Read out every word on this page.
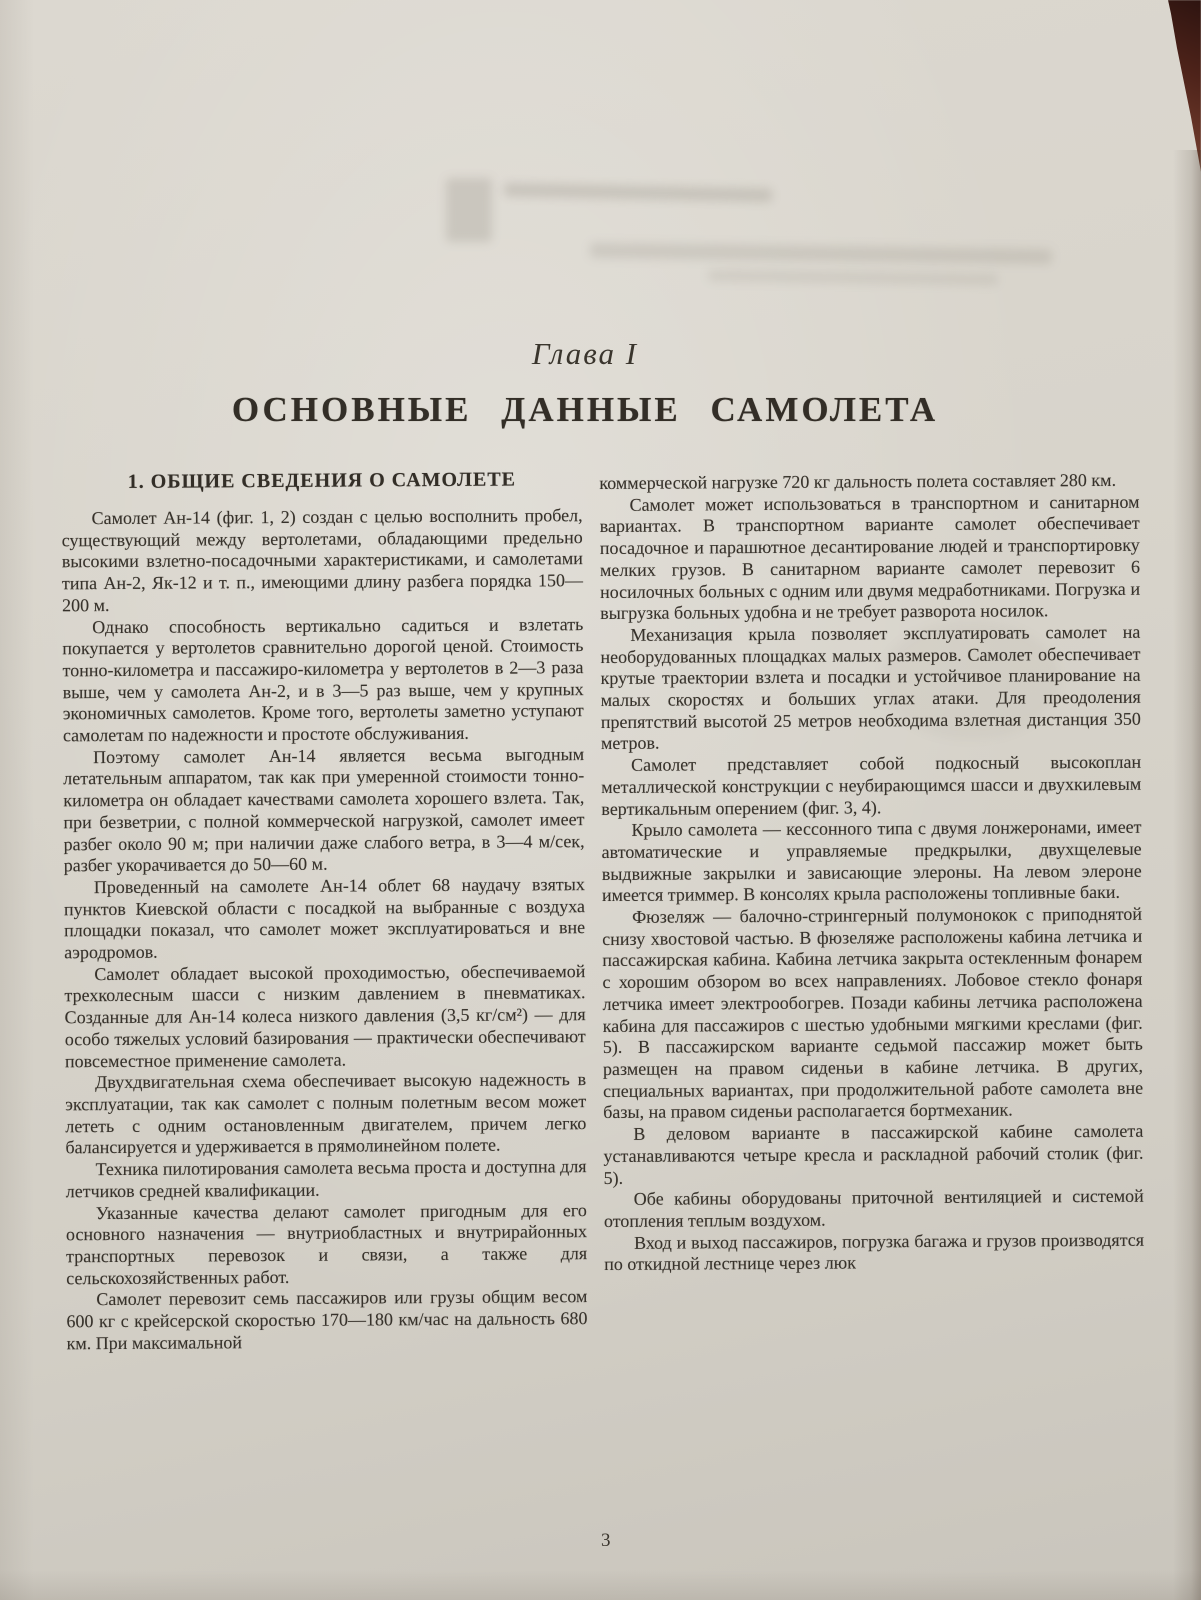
Глава I
ОСНОВНЫЕ ДАННЫЕ САМОЛЕТА
1. ОБЩИЕ СВЕДЕНИЯ О САМОЛЕТЕ

Самолет Ан-14 (фиг. 1, 2) создан с целью восполнить пробел, существующий между вертолетами, обладающими предельно высокими взлетно-посадочными характеристиками, и самолетами типа Ан-2, Як-12 и т. п., имеющими длину разбега порядка 150—200 м.

Однако способность вертикально садиться и взлетать покупается у вертолетов сравнительно дорогой ценой. Стоимость тонно-километра и пассажиро-километра у вертолетов в 2—3 раза выше, чем у самолета Ан-2, и в 3—5 раз выше, чем у крупных экономичных самолетов. Кроме того, вертолеты заметно уступают самолетам по надежности и простоте обслуживания.

Поэтому самолет Ан-14 является весьма выгодным летательным аппаратом, так как при умеренной стоимости тонно-километра он обладает качествами самолета хорошего взлета. Так, при безветрии, с полной коммерческой нагрузкой, самолет имеет разбег около 90 м; при наличии даже слабого ветра, в 3—4 м/сек, разбег укорачивается до 50—60 м.

Проведенный на самолете Ан-14 облет 68 наудачу взятых пунктов Киевской области с посадкой на выбранные с воздуха площадки показал, что самолет может эксплуатироваться и вне аэродромов.

Самолет обладает высокой проходимостью, обеспечиваемой трехколесным шасси с низким давлением в пневматиках. Созданные для Ан-14 колеса низкого давления (3,5 кг/см²) — для особо тяжелых условий базирования — практически обеспечивают повсеместное применение самолета.

Двухдвигательная схема обеспечивает высокую надежность в эксплуатации, так как самолет с полным полетным весом может лететь с одним остановленным двигателем, причем легко балансируется и удерживается в прямолинейном полете.

Техника пилотирования самолета весьма проста и доступна для летчиков средней квалификации.

Указанные качества делают самолет пригодным для его основного назначения — внутриобластных и внутрирайонных транспортных перевозок и связи, а также для сельскохозяйственных работ.

Самолет перевозит семь пассажиров или грузы общим весом 600 кг с крейсерской скоростью 170—180 км/час на дальность 680 км. При максимальной

коммерческой нагрузке 720 кг дальность полета составляет 280 км.

Самолет может использоваться в транспортном и санитарном вариантах. В транспортном варианте самолет обеспечивает посадочное и парашютное десантирование людей и транспортировку мелких грузов. В санитарном варианте самолет перевозит 6 носилочных больных с одним или двумя медработниками. Погрузка и выгрузка больных удобна и не требует разворота носилок.

Механизация крыла позволяет эксплуатировать самолет на необорудованных площадках малых размеров. Самолет обеспечивает крутые траектории взлета и посадки и устойчивое планирование на малых скоростях и больших углах атаки. Для преодоления препятствий высотой 25 метров необходима взлетная дистанция 350 метров.

Самолет представляет собой подкосный высокоплан металлической конструкции с неубирающимся шасси и двухкилевым вертикальным оперением (фиг. 3, 4).

Крыло самолета — кессонного типа с двумя лонжеронами, имеет автоматические и управляемые предкрылки, двухщелевые выдвижные закрылки и зависающие элероны. На левом элероне имеется триммер. В консолях крыла расположены топливные баки.

Фюзеляж — балочно-стрингерный полумонокок с приподнятой снизу хвостовой частью. В фюзеляже расположены кабина летчика и пассажирская кабина. Кабина летчика закрыта остекленным фонарем с хорошим обзором во всех направлениях. Лобовое стекло фонаря летчика имеет электрообогрев. Позади кабины летчика расположена кабина для пассажиров с шестью удобными мягкими креслами (фиг. 5). В пассажирском варианте седьмой пассажир может быть размещен на правом сиденьи в кабине летчика. В других, специальных вариантах, при продолжительной работе самолета вне базы, на правом сиденьи располагается бортмеханик.

В деловом варианте в пассажирской кабине самолета устанавливаются четыре кресла и раскладной рабочий столик (фиг. 5).

Обе кабины оборудованы приточной вентиляцией и системой отопления теплым воздухом.

Вход и выход пассажиров, погрузка багажа и грузов производятся по откидной лестнице через люк

3
